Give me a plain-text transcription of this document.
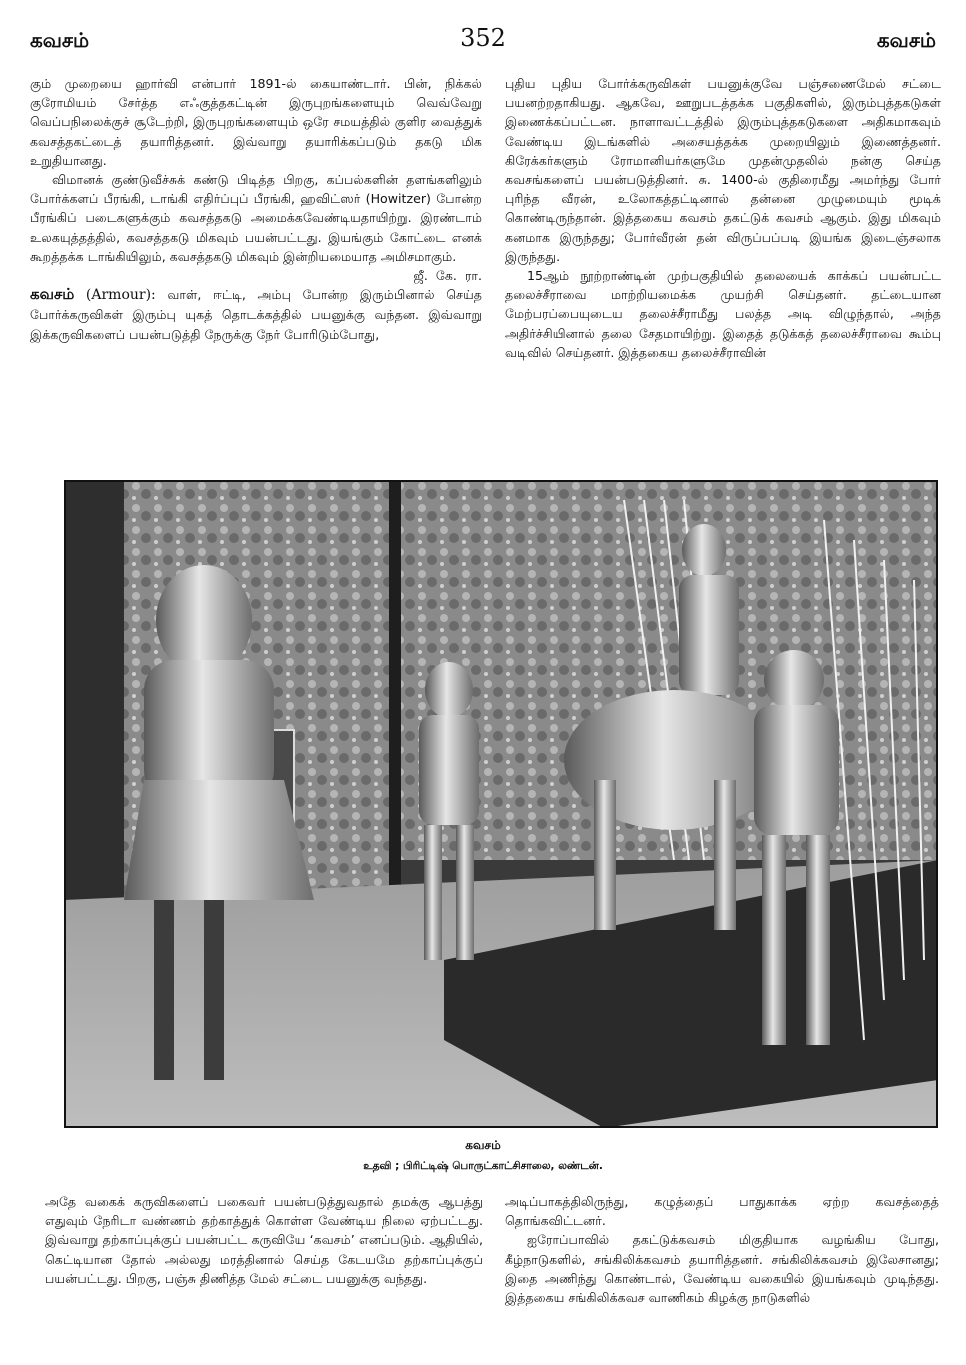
கவசம்	352	கவசம்

கும் முறையை ஹார்வி என்பார் 1891-ல் கையாண்டார். பின், நிக்கல் குரோமியம் சேர்த்த எஃகுத்தகட்டின் இருபுறங்களையும் வெவ்வேறு வெப்பநிலைக்குச் சூடேற்றி, இருபுறங்களையும் ஒரே சமயத்தில் குளிர வைத்துக் கவசத்தகட்டைத் தயாரித்தனர். இவ்வாறு தயாரிக்கப்படும் தகடு மிக உறுதியானது.

விமானக் குண்டுவீச்சுக் கண்டு பிடித்த பிறகு, கப்பல்களின் தளங்களிலும் போர்க்களப் பீரங்கி, டாங்கி எதிர்ப்புப் பீரங்கி, ஹவிட்ஸர் (Howitzer) போன்ற பீரங்கிப் படைகளுக்கும் கவசத்தகடு அமைக்கவேண்டியதாயிற்று. இரண்டாம் உலகயுத்தத்தில், கவசத்தகடு மிகவும் பயன்பட்டது. இயங்கும் கோட்டை எனக் கூறத்தக்க டாங்கியிலும், கவசத்தகடு மிகவும் இன்றியமையாத அமிசமாகும்.

ஜீ. கே. ரா.

கவசம் (Armour): வாள், ஈட்டி, அம்பு போன்ற இரும்பினால் செய்த போர்க்கருவிகள் இரும்பு யுகத் தொடக்கத்தில் பயனுக்கு வந்தன. இவ்வாறு இக்கருவிகளைப் பயன்படுத்தி நேருக்கு நேர் போரிடும்போது,

புதிய புதிய போர்க்கருவிகள் பயனுக்குவே பஞ்சணைமேல் சட்டை பயனற்றதாகியது. ஆகவே, ஊறுபடத்தக்க பகுதிகளில், இரும்புத்தகடுகள் இணைக்கப்பட்டன. நாளாவட்டத்தில் இரும்புத்தகடுகளை அதிகமாகவும் வேண்டிய இடங்களில் அசையத்தக்க முறையிலும் இணைத்தனர். கிரேக்கர்களும் ரோமானியர்களுமே முதன்முதலில் நன்கு செய்த கவசங்களைப் பயன்படுத்தினர். சு. 1400-ல் குதிரைமீது அமர்ந்து போர் புரிந்த வீரன், உலோகத்தட்டினால் தன்னை முழுமையும் மூடிக் கொண்டிருந்தான். இத்தகைய கவசம் தகட்டுக் கவசம் ஆகும். இது மிகவும் கனமாக இருந்தது; போர்வீரன் தன் விருப்பப்படி இயங்க இடைஞ்சலாக இருந்தது.

15ஆம் நூற்றாண்டின் முற்பகுதியில் தலையைக் காக்கப் பயன்பட்ட தலைச்சீராவை மாற்றியமைக்க முயற்சி செய்தனர். தட்டையான மேற்பரப்பையுடைய தலைச்சீராமீது பலத்த அடி விழுந்தால், அந்த அதிர்ச்சியினால் தலை சேதமாயிற்று. இதைத் தடுக்கத் தலைச்சீராவை கூம்பு வடிவில் செய்தனர். இத்தகைய தலைச்சீராவின்

கவசம்
உதவி ; பிரிட்டிஷ் பொருட்காட்சிசாலை, லண்டன்.

அதே வகைக் கருவிகளைப் பகைவர் பயன்படுத்துவதால் தமக்கு ஆபத்து எதுவும் நேரிடா வண்ணம் தற்காத்துக் கொள்ள வேண்டிய நிலை ஏற்பட்டது. இவ்வாறு தற்காப்புக்குப் பயன்பட்ட கருவியே ‘கவசம்’ எனப்படும். ஆதியில், கெட்டியான தோல் அல்லது மரத்தினால் செய்த கேடயமே தற்காப்புக்குப் பயன்பட்டது. பிறகு, பஞ்சு திணித்த மேல் சட்டை பயனுக்கு வந்தது.

அடிப்பாகத்திலிருந்து, கழுத்தைப் பாதுகாக்க ஏற்ற கவசத்தைத் தொங்கவிட்டனர்.

ஐரோப்பாவில் தகட்டுக்கவசம் மிகுதியாக வழங்கிய போது, கீழ்நாடுகளில், சங்கிலிக்கவசம் தயாரித்தனர். சங்கிலிக்கவசம் இலேசானது; இதை அணிந்து கொண்டால், வேண்டிய வகையில் இயங்கவும் முடிந்தது. இத்தகைய சங்கிலிக்கவச வாணிகம் கிழக்கு நாடுகளில்
